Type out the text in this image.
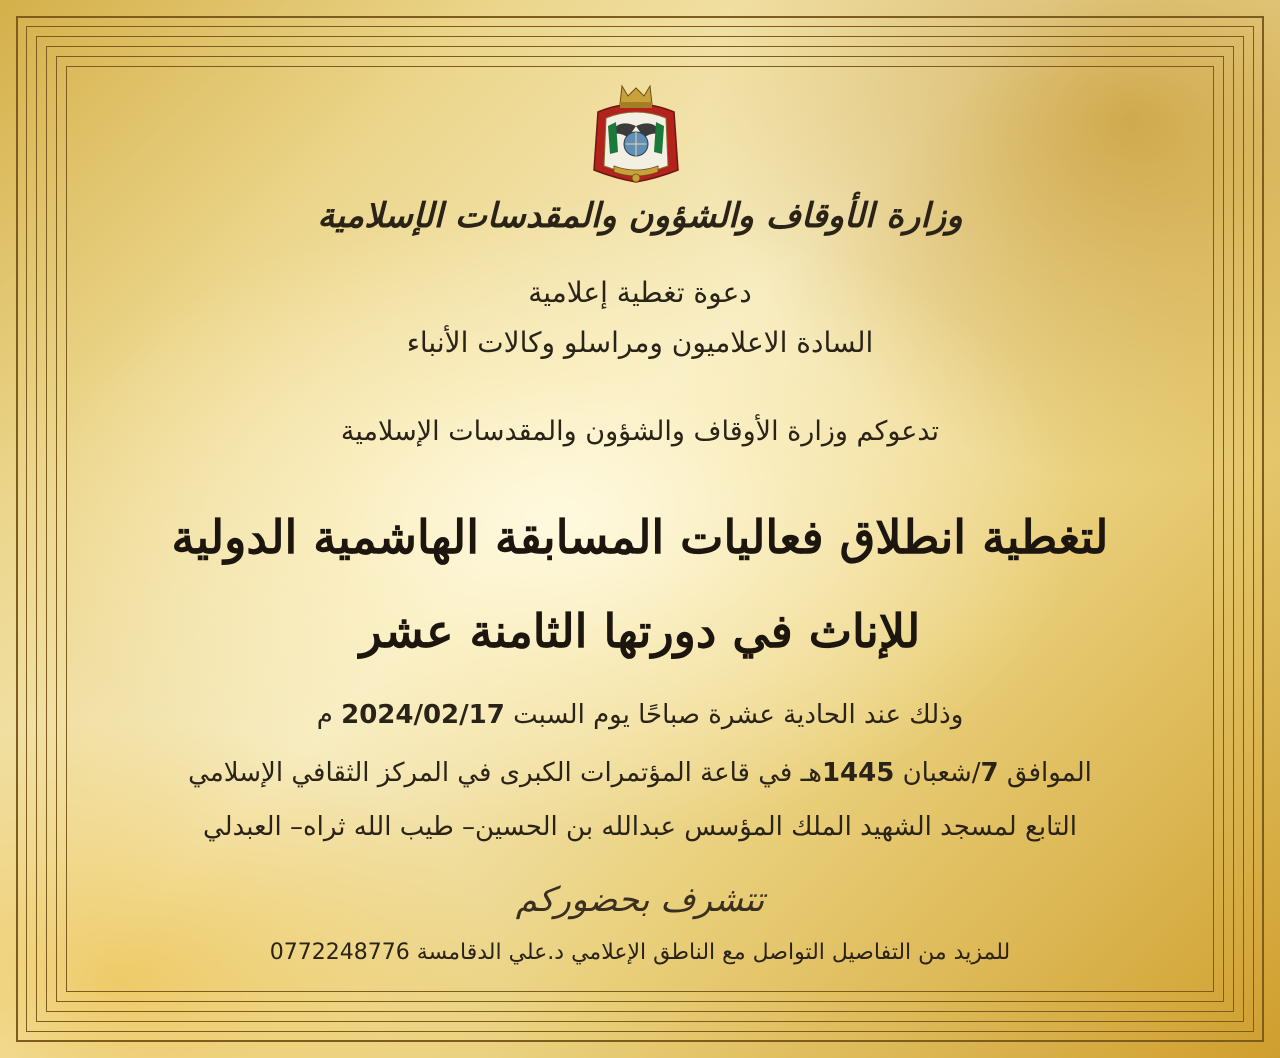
وزارة الأوقاف والشؤون والمقدسات الإسلامية

دعوة تغطية إعلامية

السادة الاعلاميون ومراسلو وكالات الأنباء

تدعوكم وزارة الأوقاف والشؤون والمقدسات الإسلامية

لتغطية انطلاق فعاليات المسابقة الهاشمية الدولية

للإناث في دورتها الثامنة عشر

وذلك عند الحادية عشرة صباحًا يوم السبت 2024/02/17 م

الموافق 7/شعبان 1445هـ في قاعة المؤتمرات الكبرى في المركز الثقافي الإسلامي

التابع لمسجد الشهيد الملك المؤسس عبدالله بن الحسين– طيب الله ثراه– العبدلي

تتشرف بحضوركم

للمزيد من التفاصيل التواصل مع الناطق الإعلامي د.علي الدقامسة 0772248776
